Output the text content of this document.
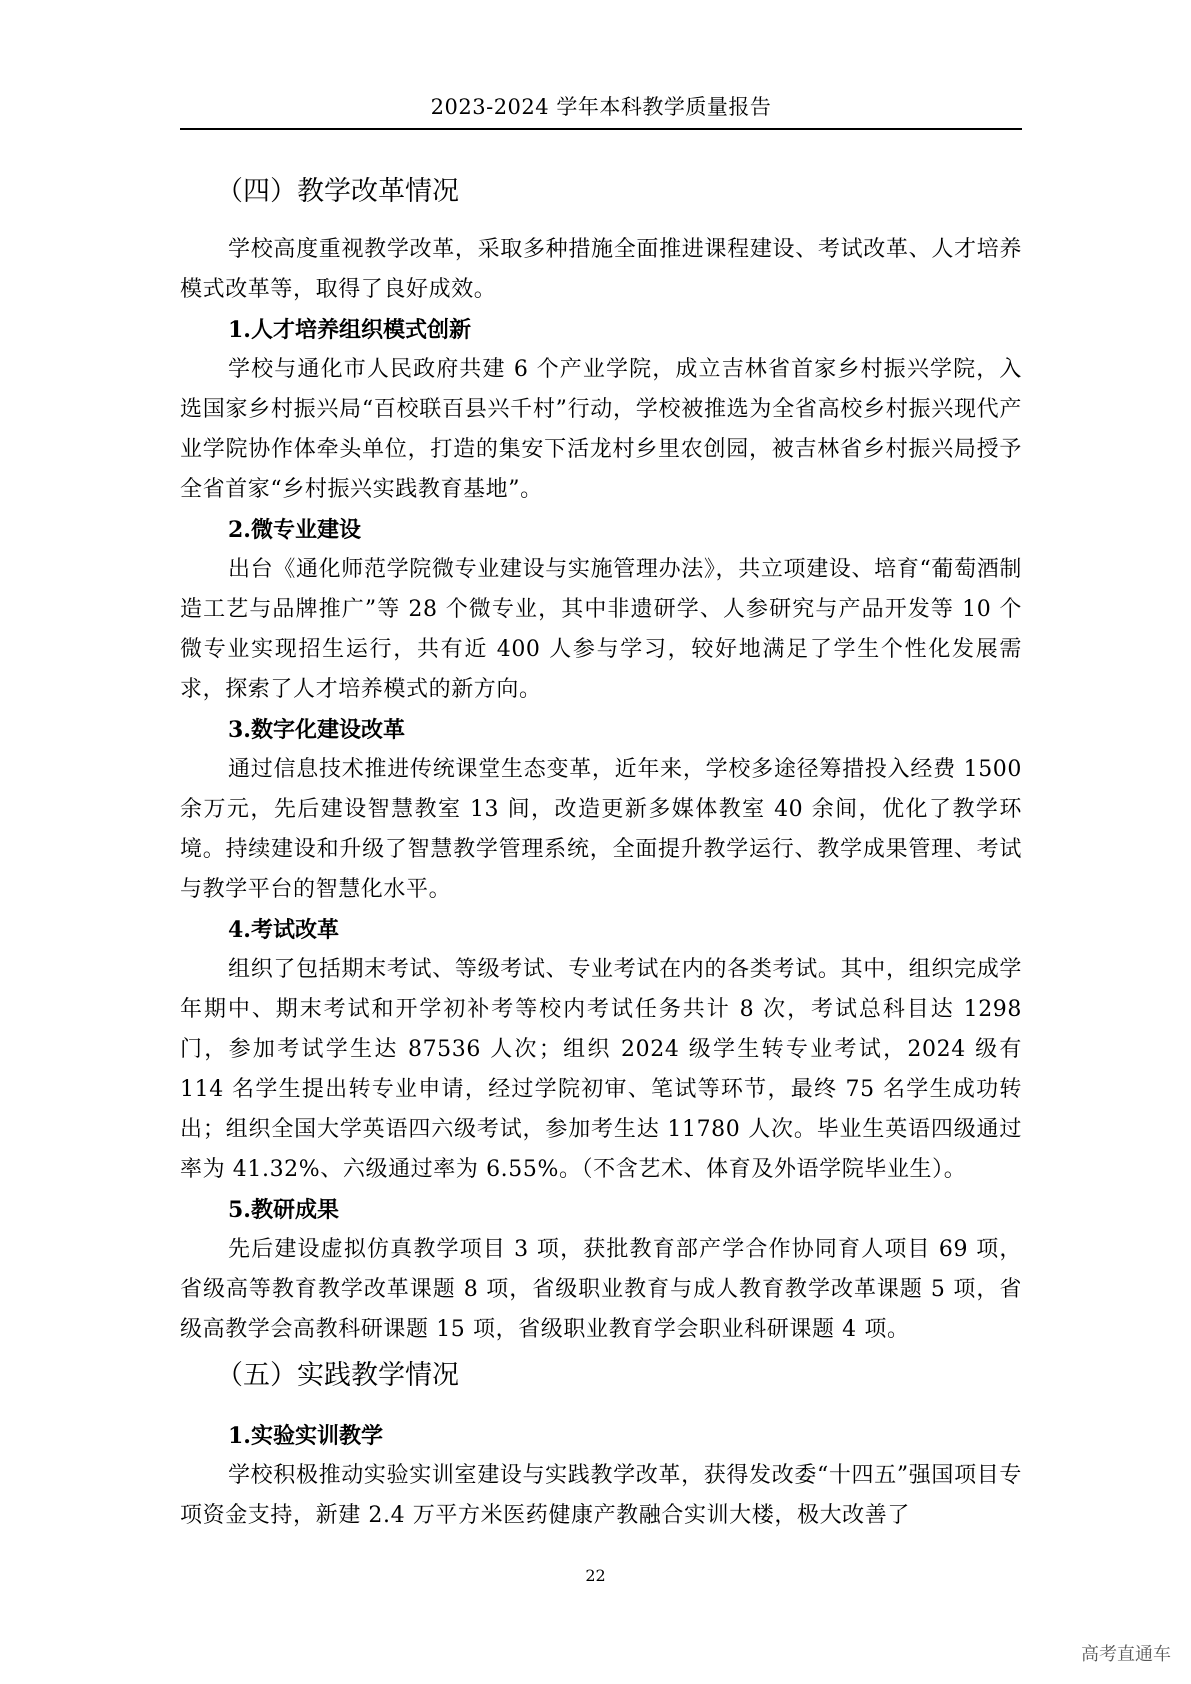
2023-2024 学年本科教学质量报告
（四）教学改革情况

学校高度重视教学改革，采取多种措施全面推进课程建设、考试改革、人才培养模式改革等，取得了良好成效。

1.人才培养组织模式创新

学校与通化市人民政府共建 6 个产业学院，成立吉林省首家乡村振兴学院，入选国家乡村振兴局“百校联百县兴千村”行动，学校被推选为全省高校乡村振兴现代产业学院协作体牵头单位，打造的集安下活龙村乡里农创园，被吉林省乡村振兴局授予全省首家“乡村振兴实践教育基地”。

2.微专业建设

出台《通化师范学院微专业建设与实施管理办法》，共立项建设、培育“葡萄酒制造工艺与品牌推广”等 28 个微专业，其中非遗研学、人参研究与产品开发等 10 个微专业实现招生运行，共有近 400 人参与学习，较好地满足了学生个性化发展需求，探索了人才培养模式的新方向。

3.数字化建设改革

通过信息技术推进传统课堂生态变革，近年来，学校多途径筹措投入经费 1500 余万元，先后建设智慧教室 13 间，改造更新多媒体教室 40 余间，优化了教学环境。持续建设和升级了智慧教学管理系统，全面提升教学运行、教学成果管理、考试与教学平台的智慧化水平。

4.考试改革

组织了包括期末考试、等级考试、专业考试在内的各类考试。其中，组织完成学年期中、期末考试和开学初补考等校内考试任务共计 8 次，考试总科目达 1298 门，参加考试学生达 87536 人次；组织 2024 级学生转专业考试，2024 级有 114 名学生提出转专业申请，经过学院初审、笔试等环节，最终 75 名学生成功转出；组织全国大学英语四六级考试，参加考生达 11780 人次。毕业生英语四级通过率为 41.32%、六级通过率为 6.55%。（不含艺术、体育及外语学院毕业生）。

5.教研成果

先后建设虚拟仿真教学项目 3 项，获批教育部产学合作协同育人项目 69 项，省级高等教育教学改革课题 8 项，省级职业教育与成人教育教学改革课题 5 项，省级高教学会高教科研课题 15 项，省级职业教育学会职业科研课题 4 项。

（五）实践教学情况
1.实验实训教学

学校积极推动实验实训室建设与实践教学改革，获得发改委“十四五”强国项目专项资金支持，新建 2.4 万平方米医药健康产教融合实训大楼，极大改善了

22
高考直通车
